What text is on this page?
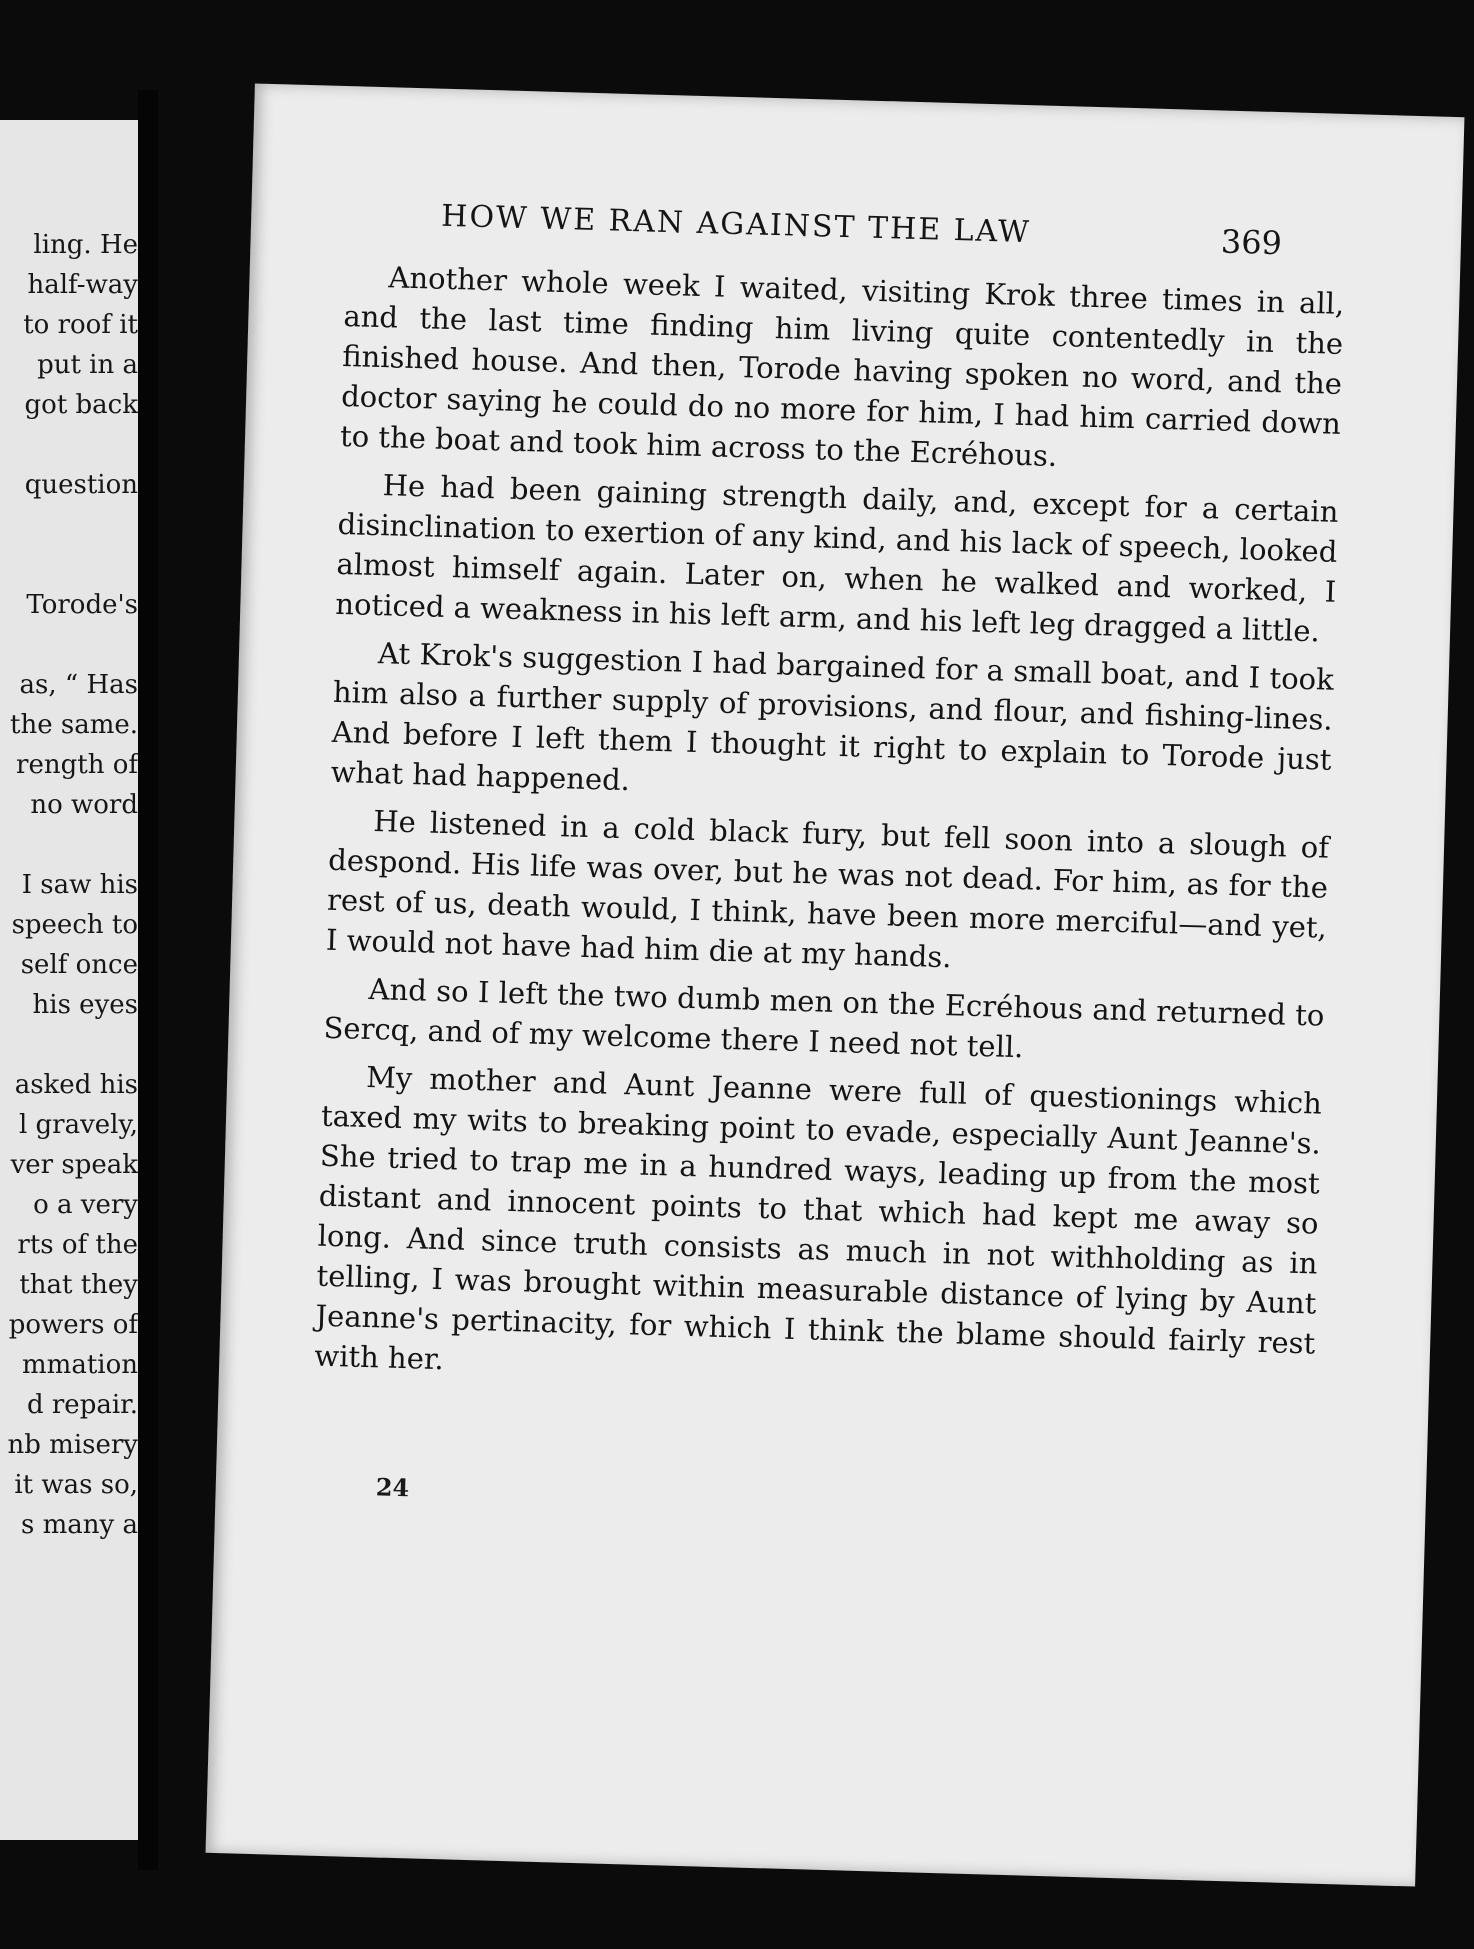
ling. He

half-way

to roof it

put in a

got back

question

Torode's

as, “ Has

the same.

rength of

no word

I saw his

speech to

self once

his eyes

asked his

l gravely,

ver speak

o a very

rts of the

that they

powers of

mmation

d repair.

nb misery

it was so,

s many a

HOW WE RAN AGAINST THE LAW	369

Another whole week I waited, visiting Krok three times in all, and the last time finding him living quite contentedly in the finished house. And then, Torode having spoken no word, and the doctor saying he could do no more for him, I had him carried down to the boat and took him across to the Ecréhous.

He had been gaining strength daily, and, except for a certain disinclination to exertion of any kind, and his lack of speech, looked almost himself again. Later on, when he walked and worked, I noticed a weakness in his left arm, and his left leg dragged a little.

At Krok's suggestion I had bargained for a small boat, and I took him also a further supply of provisions, and flour, and fishing-lines. And before I left them I thought it right to explain to Torode just what had happened.

He listened in a cold black fury, but fell soon into a slough of despond. His life was over, but he was not dead. For him, as for the rest of us, death would, I think, have been more merciful—and yet, I would not have had him die at my hands.

And so I left the two dumb men on the Ecréhous and returned to Sercq, and of my welcome there I need not tell.

My mother and Aunt Jeanne were full of questionings which taxed my wits to breaking point to evade, especially Aunt Jeanne's. She tried to trap me in a hundred ways, leading up from the most distant and innocent points to that which had kept me away so long. And since truth consists as much in not withholding as in telling, I was brought within measurable distance of lying by Aunt Jeanne's pertinacity, for which I think the blame should fairly rest with her.

24
